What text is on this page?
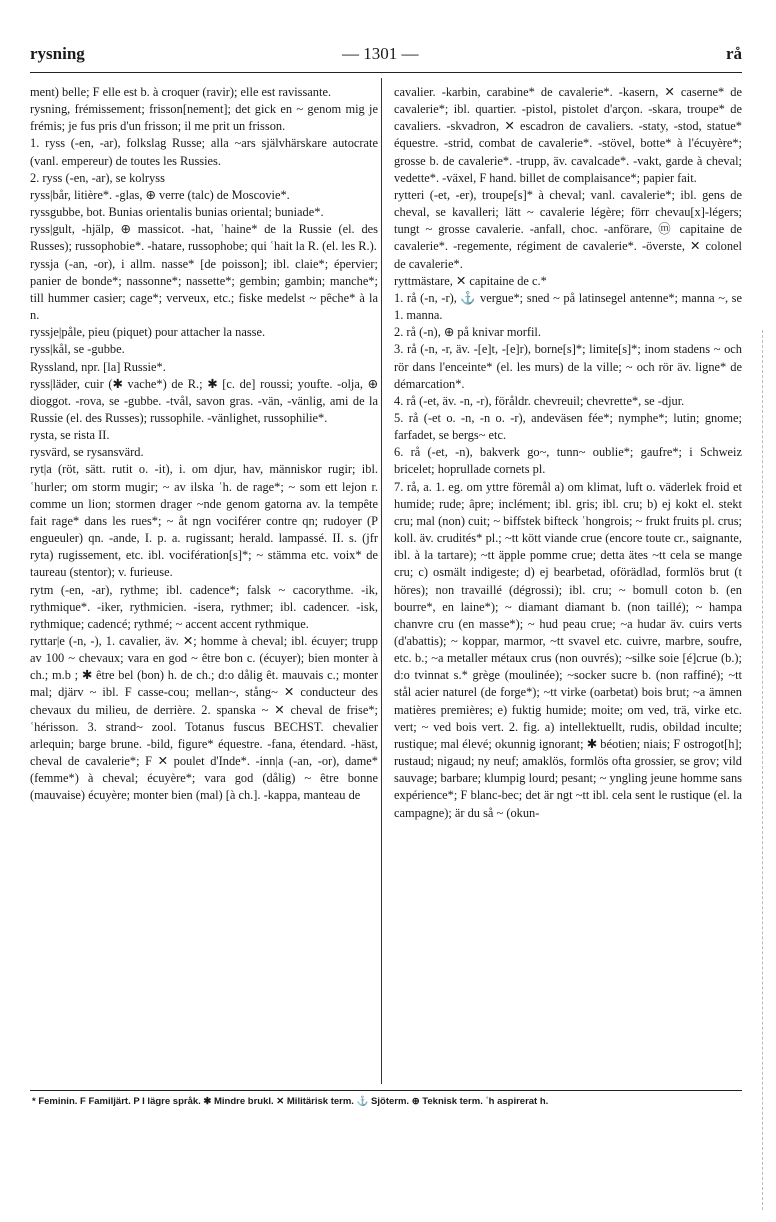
rysning	— 1301 —	rå

ment) belle; F elle est b. à croquer (ravir); elle est ravissante.

rysning, frémissement; frisson[nement]; det gick en ~ genom mig je frémis; je fus pris d'un frisson; il me prit un frisson.

1. ryss (-en, -ar), folkslag Russe; alla ~ars självhärskare autocrate (vanl. empereur) de toutes les Russies.

2. ryss (-en, -ar), se kolryss

ryss|bår, litière*. -glas, ⊕ verre (talc) de Moscovie*.

ryssgubbe, bot. Bunias orientalis bunias oriental; buniade*.

ryss|gult, -hjälp, ⊕ massicot. -hat, ʿhaine* de la Russie (el. des Russes); russophobie*. -hatare, russophobe; qui ʿhait la R. (el. les R.).

ryssja (-an, -or), i allm. nasse* [de poisson]; ibl. claie*; épervier; panier de bonde*; nassonne*; nassette*; gembin; gambin; manche*; till hummer casier; cage*; verveux, etc.; fiske medelst ~ pêche* à la n.

ryssje|påle, pieu (piquet) pour attacher la nasse.

ryss|kål, se -gubbe.

Ryssland, npr. [la] Russie*.

ryss|läder, cuir (✱ vache*) de R.; ✱ [c. de] roussi; youfte. -olja, ⊕ dioggot. -rova, se -gubbe. -tvål, savon gras. -vän, -vänlig, ami de la Russie (el. des Russes); russophile. -vänlighet, russophilie*.

rysta, se rista II.

rysvärd, se rysansvärd.

ryt|a (röt, sätt. rutit o. -it), i. om djur, hav, människor rugir; ibl. ʿhurler; om storm mugir; ~ av ilska ʿh. de rage*; ~ som ett lejon r. comme un lion; stormen drager ~nde genom gatorna av. la tempête fait rage* dans les rues*; ~ åt ngn vociférer contre qn; rudoyer (P engueuler) qn. -ande, I. p. a. rugissant; herald. lampassé. II. s. (jfr ryta) rugissement, etc. ibl. vocifération[s]*; ~ stämma etc. voix* de taureau (stentor); v. furieuse.

rytm (-en, -ar), rythme; ibl. cadence*; falsk ~ cacorythme. -ik, rythmique*. -iker, rythmicien. -isera, rythmer; ibl. cadencer. -isk, rythmique; cadencé; rythmé; ~ accent accent rythmique.

ryttar|e (-n, -), 1. cavalier, äv. ✕; homme à cheval; ibl. écuyer; trupp av 100 ~ chevaux; vara en god ~ être bon c. (écuyer); bien monter à ch.; m.b ; ✱ être bel (bon) h. de ch.; d:o dålig êt. mauvais c.; monter mal; djärv ~ ibl. F casse-cou; mellan~, stång~ ✕ conducteur des chevaux du milieu, de derrière. 2. spanska ~ ✕ cheval de frise*; ʿhérisson. 3. strand~ zool. Totanus fuscus BECHST. chevalier arlequin; barge brune. -bild, figure* équestre. -fana, étendard. -häst, cheval de cavalerie*; F ✕ poulet d'Inde*. -inn|a (-an, -or), dame* (femme*) à cheval; écuyère*; vara god (dålig) ~ être bonne (mauvaise) écuyère; monter bien (mal) [à ch.]. -kappa, manteau de

cavalier. -karbin, carabine* de cavalerie*. -kasern, ✕ caserne* de cavalerie*; ibl. quartier. -pistol, pistolet d'arçon. -skara, troupe* de cavaliers. -skvadron, ✕ escadron de cavaliers. -staty, -stod, statue* équestre. -strid, combat de cavalerie*. -stövel, botte* à l'écuyère*; grosse b. de cavalerie*. -trupp, äv. cavalcade*. -vakt, garde à cheval; vedette*. -växel, F hand. billet de complaisance*; papier fait.

rytteri (-et, -er), troupe[s]* à cheval; vanl. cavalerie*; ibl. gens de cheval, se kavalleri; lätt ~ cavalerie légère; förr chevau[x]-légers; tungt ~ grosse cavalerie. -anfall, choc. -anförare, ⓜ capitaine de cavalerie*. -regemente, régiment de cavalerie*. -överste, ✕ colonel de cavalerie*.

ryttmästare, ✕ capitaine de c.*

1. rå (-n, -r), ⚓ vergue*; sned ~ på latinsegel antenne*; manna ~, se 1. manna.

2. rå (-n), ⊕ på knivar morfil.

3. rå (-n, -r, äv. -[e]t, -[e]r), borne[s]*; limite[s]*; inom stadens ~ och rör dans l'enceinte* (el. les murs) de la ville; ~ och rör äv. ligne* de démarcation*.

4. rå (-et, äv. -n, -r), föråldr. chevreuil; chevrette*, se -djur.

5. rå (-et o. -n, -n o. -r), andeväsen fée*; nymphe*; lutin; gnome; farfadet, se bergs~ etc.

6. rå (-et, -n), bakverk go~, tunn~ oublie*; gaufre*; i Schweiz bricelet; hoprullade cornets pl.

7. rå, a. 1. eg. om yttre föremål a) om klimat, luft o. väderlek froid et humide; rude; âpre; inclément; ibl. gris; ibl. cru; b) ej kokt el. stekt cru; mal (non) cuit; ~ biffstek bifteck ʿhongrois; ~ frukt fruits pl. crus; koll. äv. crudités* pl.; ~tt kött viande crue (encore toute cr., saignante, ibl. à la tartare); ~tt äpple pomme crue; detta ätes ~tt cela se mange cru; c) osmält indigeste; d) ej bearbetad, oförädlad, formlös brut (t höres); non travaillé (dégrossi); ibl. cru; ~ bomull coton b. (en bourre*, en laine*); ~ diamant diamant b. (non taillé); ~ hampa chanvre cru (en masse*); ~ hud peau crue; ~a hudar äv. cuirs verts (d'abattis); ~ koppar, marmor, ~tt svavel etc. cuivre, marbre, soufre, etc. b.; ~a metaller métaux crus (non ouvrés); ~silke soie [é]crue (b.); d:o tvinnat s.* grège (moulinée); ~socker sucre b. (non raffiné); ~tt stål acier naturel (de forge*); ~tt virke (oarbetat) bois brut; ~a ämnen matières premières; e) fuktig humide; moite; om ved, trä, virke etc. vert; ~ ved bois vert. 2. fig. a) intellektuellt, rudis, obildad inculte; rustique; mal élevé; okunnig ignorant; ✱ béotien; niais; F ostrogot[h]; rustaud; nigaud; ny neuf; amaklös, formlös ofta grossier, se grov; vild sauvage; barbare; klumpig lourd; pesant; ~ yngling jeune homme sans expérience*; F blanc-bec; det är ngt ~tt ibl. cela sent le rustique (el. la campagne); är du så ~ (okun-

* Feminin. F Familjärt. P I lägre språk. ✱ Mindre brukl. ✕ Militärisk term. ⚓ Sjöterm. ⊕ Teknisk term. ʿh aspirerat h.
